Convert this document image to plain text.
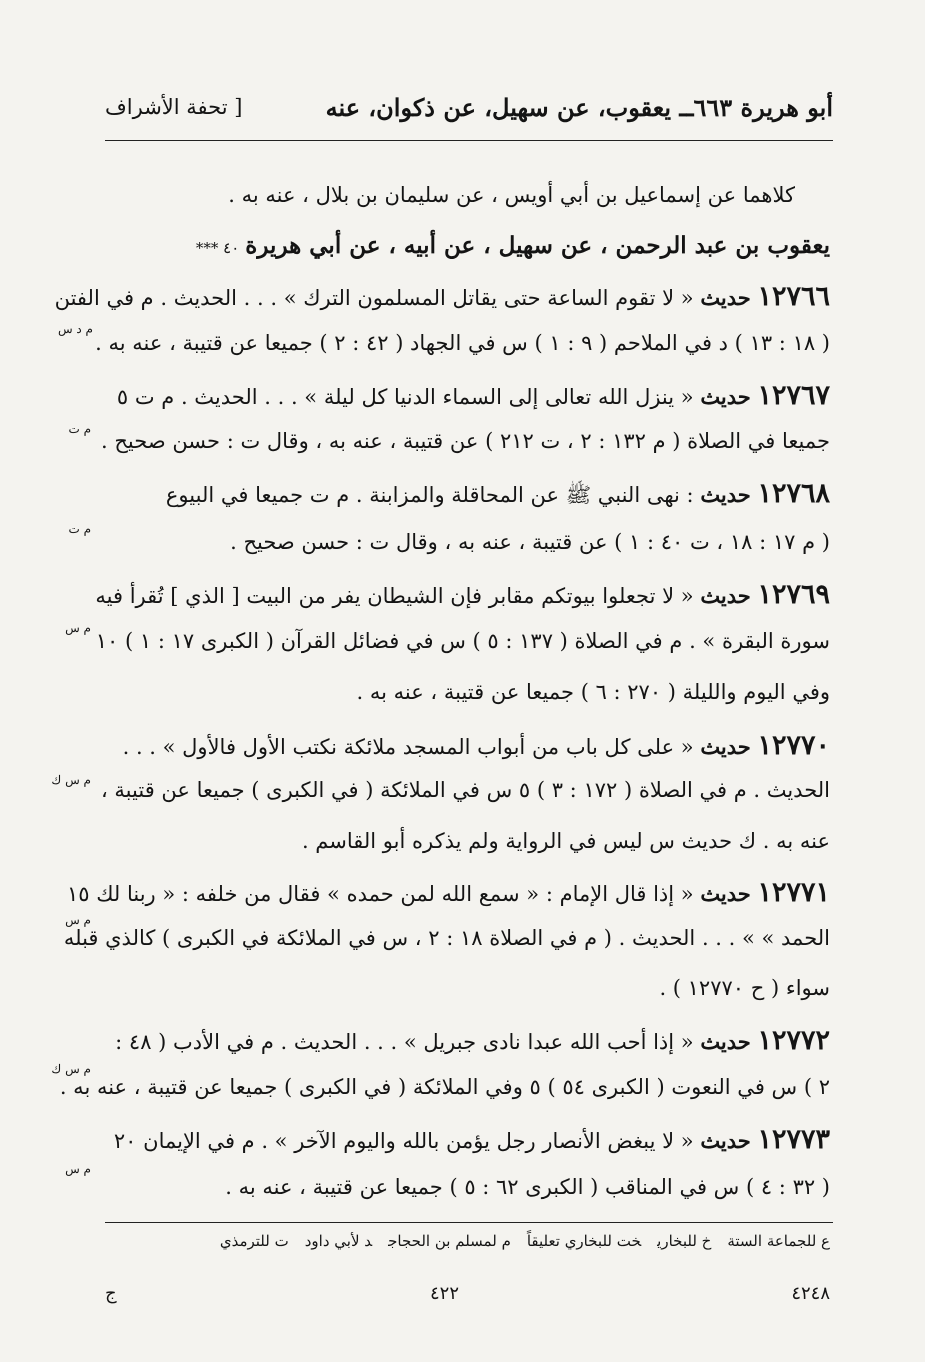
أبو هريرة ٦٦٣ــ يعقوب، عن سهيل، عن ذكوان، عنه
[ تحفة الأشراف
كلاهما عن إسماعيل بن أبي أويس ، عن سليمان بن بلال ، عنه به .
يعقوب بن عبد الرحمن ، عن سهيل ، عن أبيه ، عن أبي هريرة٤٠ ***
١٢٧٦٦ حديث « لا تقوم الساعة حتى يقاتل المسلمون الترك » . . . الحديث . م في الفتن
( ١٨ : ١٣ ) د في الملاحم ( ٩ : ١ ) س في الجهاد ( ٤٢ : ٢ ) جميعا عن قتيبة ، عنه به .
١٢٧٦٧ حديث « ينزل الله تعالى إلى السماء الدنيا كل ليلة » . . . الحديث . م ت ٥
جميعا في الصلاة ( م ١٣٢ : ٢ ، ت ٢١٢ ) عن قتيبة ، عنه به ، وقال ت : حسن صحيح .
١٢٧٦٨ حديث : نهى النبي ﷺ عن المحاقلة والمزابنة . م ت جميعا في البيوع
( م ١٧ : ١٨ ، ت ٤٠ : ١ ) عن قتيبة ، عنه به ، وقال ت : حسن صحيح .
١٢٧٦٩ حديث « لا تجعلوا بيوتكم مقابر فإن الشيطان يفر من البيت [ الذي ] تُقرأ فيه
سورة البقرة » . م في الصلاة ( ١٣٧ : ٥ ) س في فضائل القرآن ( الكبرى ١٧ : ١ ) ١٠
وفي اليوم والليلة ( ٢٧٠ : ٦ ) جميعا عن قتيبة ، عنه به .
١٢٧٧٠ حديث « على كل باب من أبواب المسجد ملائكة نكتب الأول فالأول » . . .
الحديث . م في الصلاة ( ١٧٢ : ٣ ) ٥ س في الملائكة ( في الكبرى ) جميعا عن قتيبة ،
عنه به . ك حديث س ليس في الرواية ولم يذكره أبو القاسم .
١٢٧٧١ حديث « إذا قال الإمام : « سمع الله لمن حمده » فقال من خلفه : « ربنا لك ١٥
الحمد » » . . . الحديث . ( م في الصلاة ١٨ : ٢ ، س في الملائكة في الكبرى ) كالذي قبله
سواء ( ح ١٢٧٧٠ ) .
١٢٧٧٢ حديث « إذا أحب الله عبدا نادى جبريل » . . . الحديث . م في الأدب ( ٤٨ :
٢ ) س في النعوت ( الكبرى ٥٤ ) ٥ وفي الملائكة ( في الكبرى ) جميعا عن قتيبة ، عنه به .
١٢٧٧٣ حديث « لا يبغض الأنصار رجل يؤمن بالله واليوم الآخر » . م في الإيمان ٢٠
( ٣٢ : ٤ ) س في المناقب ( الكبرى ٦٢ : ٥ ) جميعا عن قتيبة ، عنه به .
م د س
م ت
م ت
م س
م س ك
م س
م س ك
م س
ع للجماعة الستةخ للبخاريخت للبخاري تعليقاًم لمسلم بن الحجاجد لأبي داودت للترمذي
٤٢٤٨
٤٢٢
ج
